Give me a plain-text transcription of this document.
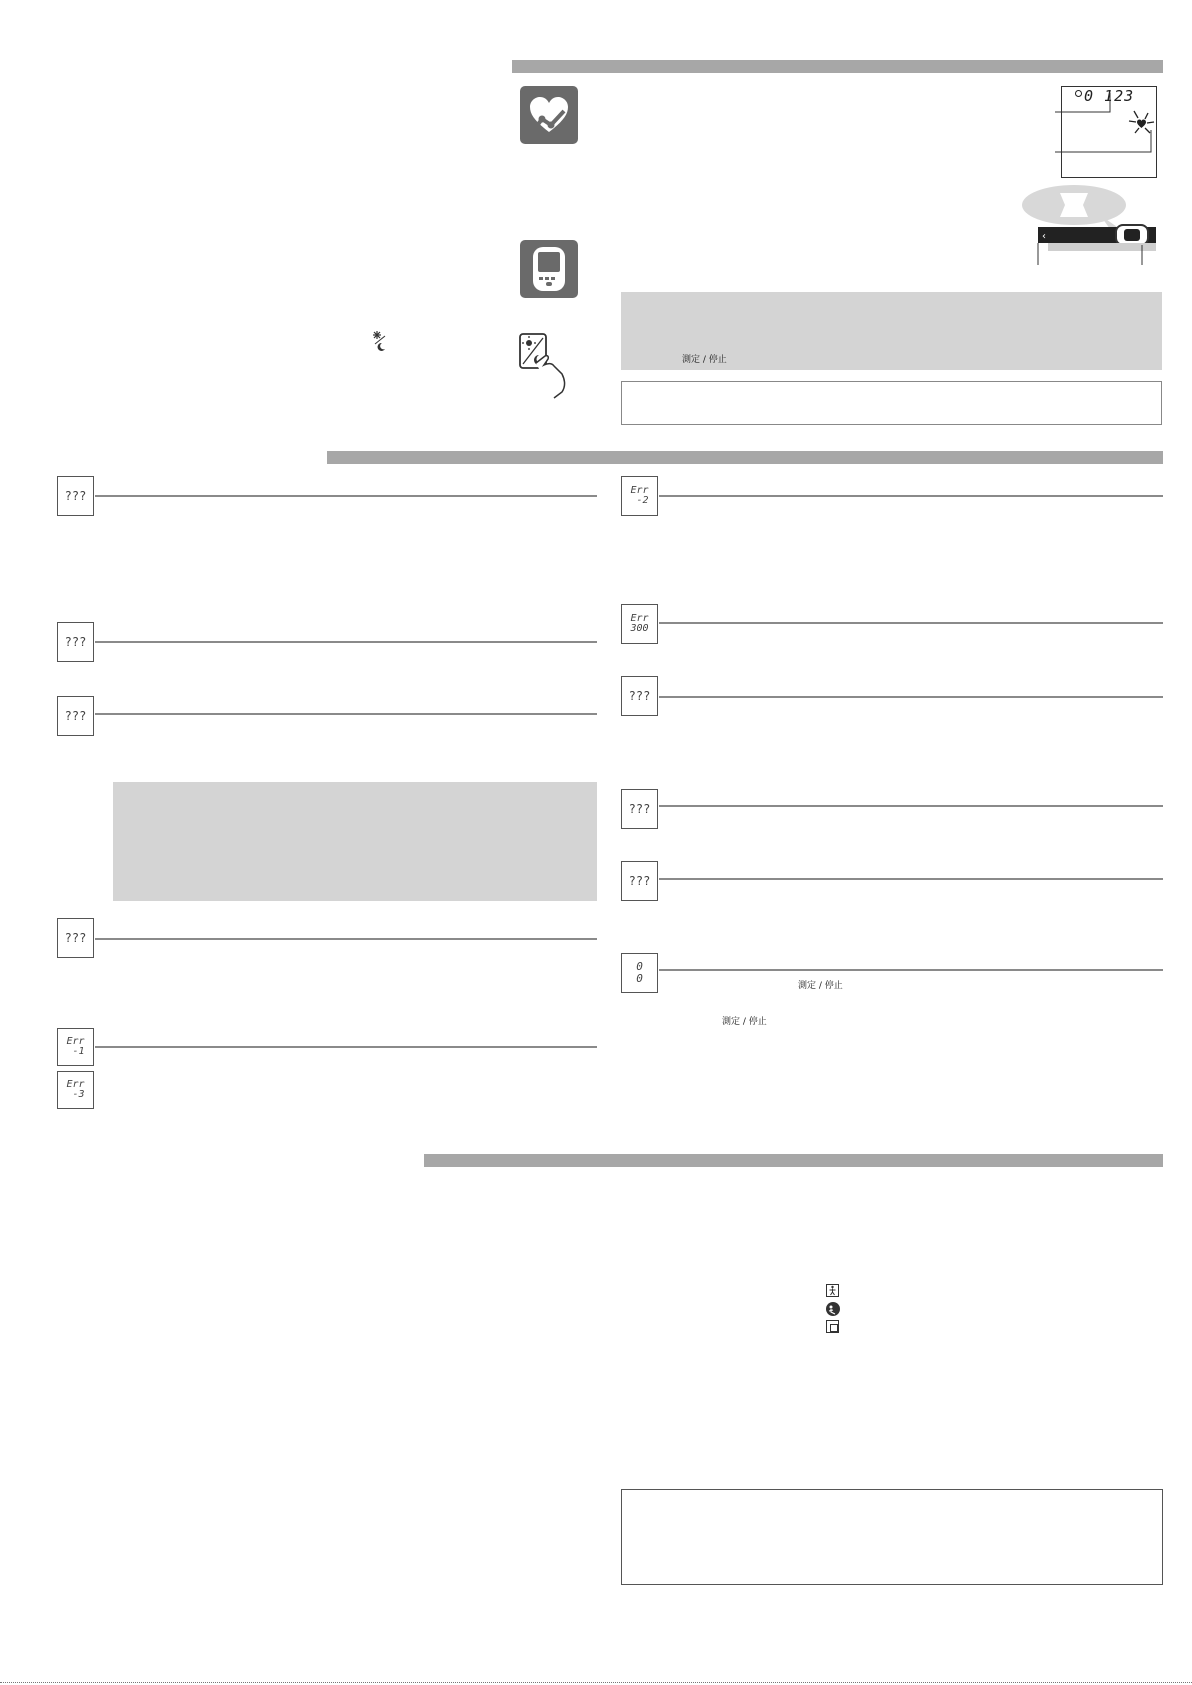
0 123
‹
測定 / 停止
???
???
???
???
Err
-1
Err
-3
Err
-2
Err
300
???
???
???
0
0
測定 / 停止
測定 / 停止
